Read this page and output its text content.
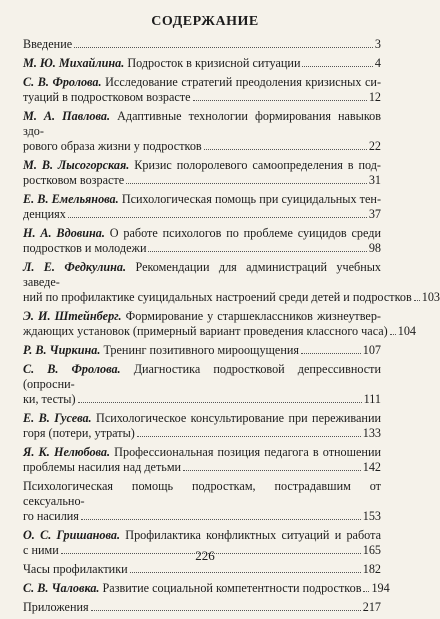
СОДЕРЖАНИЕ
Введение	3
М. Ю. Михайлина.
Подросток в кризисной ситуации	4
С. В. Фролова. Исследование стратегий преодоления кризисных си-
туаций в подростковом возрасте	12
М. А. Павлова. Адаптивные технологии формирования навыков здо-
рового образа жизни у подростков	22
М. В. Лысогорская. Кризис полоролевого самоопределения в под-
ростковом возрасте	31
Е. В. Емельянова. Психологическая помощь при суицидальных тен-
денциях	37
Н. А. Вдовина. О работе психологов по проблеме суицидов среди
подростков и молодежи	98
Л. Е. Федкулина. Рекомендации для администраций учебных заведе-
ний по профилактике суицидальных настроений среди детей и подростков 103
Э. И. Штейнберг. Формирование у старшеклассников жизнеутвер-
ждающих установок (примерный вариант проведения классного часа) 104
Р. В. Чиркина.
Тренинг позитивного мироощущения	107
С. В. Фролова. Диагностика подростковой депрессивности (опросни-
ки, тесты)	111
Е. В. Гусева. Психологическое консультирование при переживании
горя (потери, утраты)	133
Я. К. Нелюбова. Профессиональная позиция педагога в отношении
проблемы насилия над детьми	142
Психологическая помощь подросткам, пострадавшим от сексуально-
го насилия	153
О. С. Гришанова. Профилактика конфликтных ситуаций и работа
с ними	165
Часы профилактики	182
С. В. Чаловка.
Развитие социальной компетентности подростков 194
Приложения	217
226
